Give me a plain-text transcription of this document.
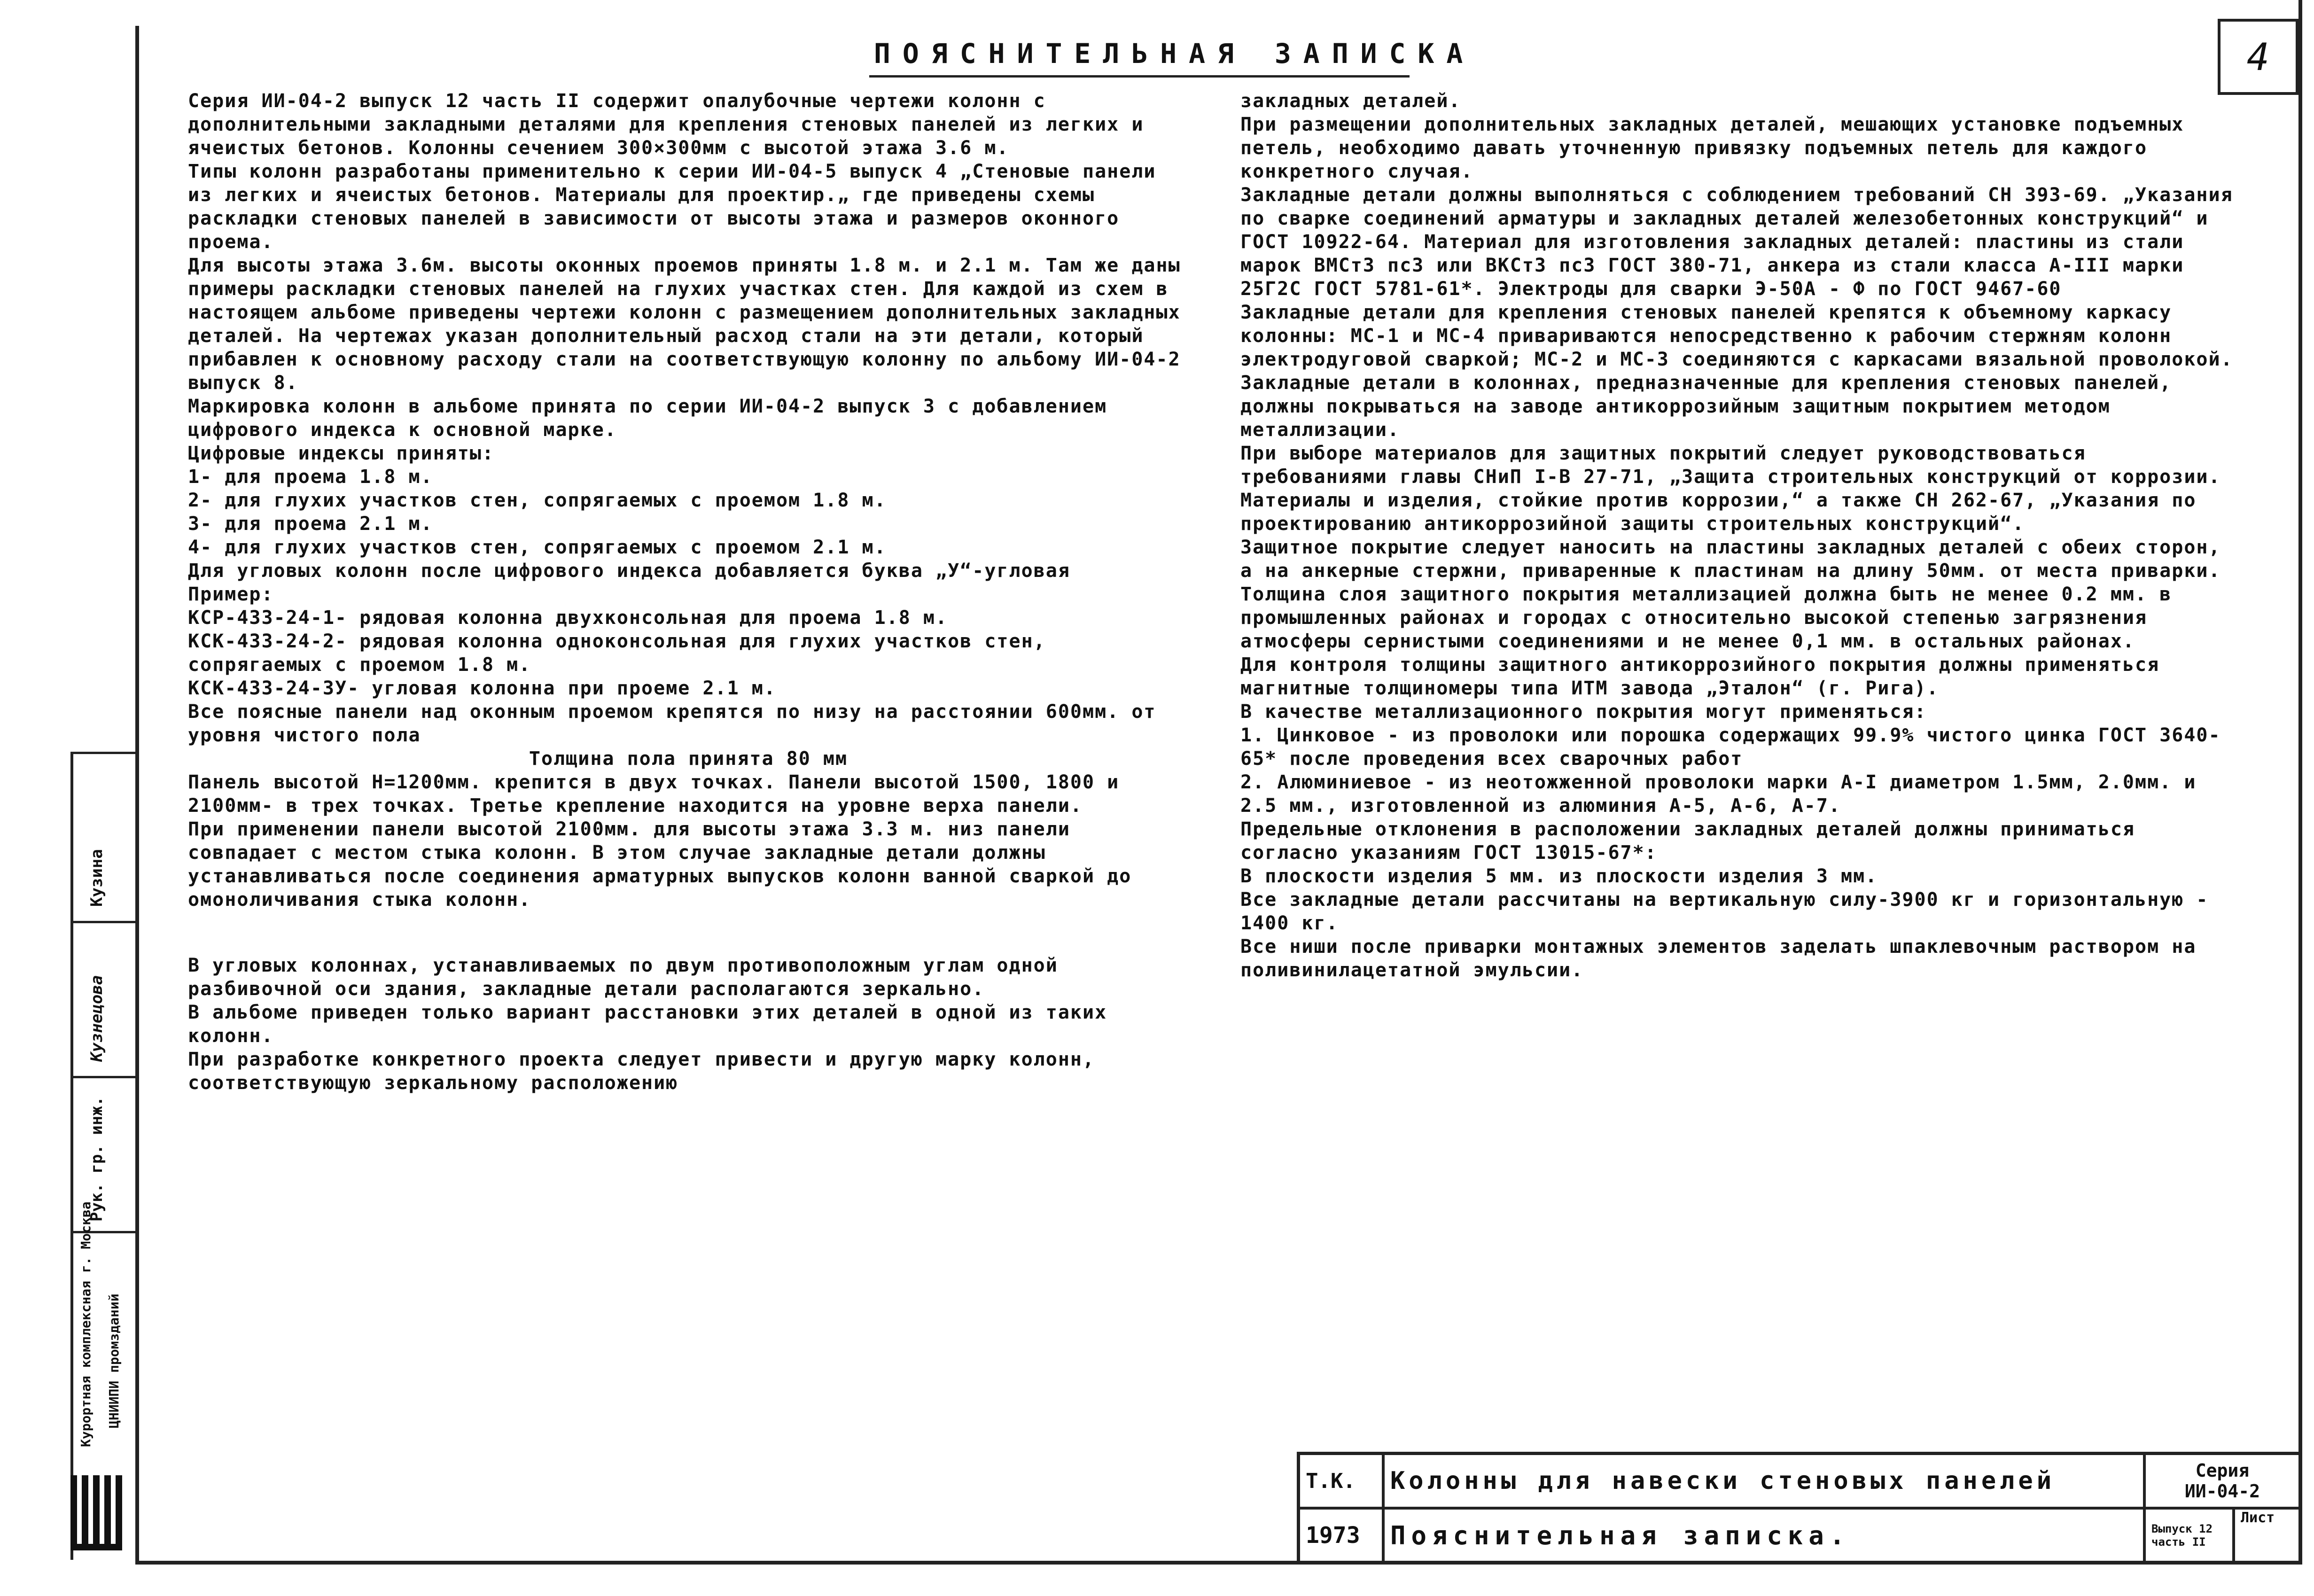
ПОЯСНИТЕЛЬНАЯ ЗАПИСКА	4

Серия ИИ-04-2 выпуск 12 часть II содержит опалубочные чертежи колонн с дополнительными закладными деталями для крепления стеновых панелей из легких и ячеистых бетонов. Колонны сечением 300×300мм с высотой этажа 3.6 м.

Типы колонн разработаны применительно к серии ИИ-04-5 выпуск 4 „Стеновые панели из легких и ячеистых бетонов. Материалы для проектир.„ где приведены схемы раскладки стеновых панелей в зависимости от высоты этажа и размеров оконного проема.

Для высоты этажа 3.6м. высоты оконных проемов приняты 1.8 м. и 2.1 м. Там же даны примеры раскладки стеновых панелей на глухих участках стен. Для каждой из схем в настоящем альбоме приведены чертежи колонн с размещением дополнительных закладных деталей. На чертежах указан дополнительный расход стали на эти детали, который прибавлен к основному расходу стали на соответствующую колонну по альбому ИИ-04-2 выпуск 8.

Маркировка колонн в альбоме принята по серии ИИ-04-2 выпуск 3 с добавлением цифрового индекса к основной марке.

Цифровые индексы приняты:

1- для проема 1.8 м.

2- для глухих участков стен, сопрягаемых с проемом 1.8 м.

3- для проема 2.1 м.

4- для глухих участков стен, сопрягаемых с проемом 2.1 м.

Для угловых колонн после цифрового индекса добавляется буква „У“-угловая

Пример:

КСР-433-24-1- рядовая колонна двухконсольная для проема 1.8 м.

КСК-433-24-2- рядовая колонна одноконсольная для глухих участков стен, сопрягаемых с проемом 1.8 м.

КСК-433-24-3У- угловая колонна при проеме 2.1 м.

Все поясные панели над оконным проемом крепятся по низу на расстоянии 600мм. от уровня чистого пола

Толщина пола принята 80 мм

Панель высотой Н=1200мм. крепится в двух точках. Панели высотой 1500, 1800 и 2100мм- в трех точках. Третье крепление находится на уровне верха панели.

При применении панели высотой 2100мм. для высоты этажа 3.3 м. низ панели совпадает с местом стыка колонн. В этом случае закладные детали должны устанавливаться после соединения арматурных выпусков колонн ванной сваркой до омоноличивания стыка колонн.

В угловых колоннах, устанавливаемых по двум противоположным углам одной разбивочной оси здания, закладные детали располагаются зеркально.

В альбоме приведен только вариант расстановки этих деталей в одной из таких колонн.

При разработке конкретного проекта следует привести и другую марку колонн, соответствующую зеркальному расположению

закладных деталей.

При размещении дополнительных закладных деталей, мешающих установке подъемных петель, необходимо давать уточненную привязку подъемных петель для каждого конкретного случая.

Закладные детали должны выполняться с соблюдением требований СН 393-69. „Указания по сварке соединений арматуры и закладных деталей железобетонных конструкций“ и ГОСТ 10922-64. Материал для изготовления закладных деталей: пластины из стали марок ВМСт3 пс3 или ВКСт3 пс3 ГОСТ 380-71, анкера из стали класса А-III марки 25Г2С ГОСТ 5781-61*. Электроды для сварки Э-50А - Ф по ГОСТ 9467-60

Закладные детали для крепления стеновых панелей крепятся к объемному каркасу колонны: МС-1 и МС-4 привариваются непосредственно к рабочим стержням колонн электродуговой сваркой; МС-2 и МС-3 соединяются с каркасами вязальной проволокой.

Закладные детали в колоннах, предназначенные для крепления стеновых панелей, должны покрываться на заводе антикоррозийным защитным покрытием методом металлизации.

При выборе материалов для защитных покрытий следует руководствоваться требованиями главы СНиП I-В 27-71, „Защита строительных конструкций от коррозии. Материалы и изделия, стойкие против коррозии,“ а также СН 262-67, „Указания по проектированию антикоррозийной защиты строительных конструкций“.

Защитное покрытие следует наносить на пластины закладных деталей с обеих сторон, а на анкерные стержни, приваренные к пластинам на длину 50мм. от места приварки.

Толщина слоя защитного покрытия металлизацией должна быть не менее 0.2 мм. в промышленных районах и городах с относительно высокой степенью загрязнения атмосферы сернистыми соединениями и не менее 0,1 мм. в остальных районах.

Для контроля толщины защитного антикоррозийного покрытия должны применяться магнитные толщиномеры типа ИТМ завода „Эталон“ (г. Рига).

В качестве металлизационного покрытия могут применяться:

1. Цинковое - из проволоки или порошка содержащих 99.9% чистого цинка ГОСТ 3640-65* после проведения всех сварочных работ

2. Алюминиевое - из неотожженной проволоки марки А-I диаметром 1.5мм, 2.0мм. и 2.5 мм., изготовленной из алюминия А-5, А-6, А-7.

Предельные отклонения в расположении закладных деталей должны приниматься согласно указаниям ГОСТ 13015-67*:

В плоскости изделия 5 мм. из плоскости изделия 3 мм.

Все закладные детали рассчитаны на вертикальную силу-3900 кг и горизонтальную - 1400 кг.

Все ниши после приварки монтажных элементов заделать шпаклевочным раствором на поливинилацетатной эмульсии.

Т.К.	Колонны для навески стеновых панелей	Серия
ИИ-04-2
1973	Пояснительная записка.	Выпуск 12 часть II
Лист
Кузина
Кузнецова
Рук. гр. инж.
Курортная комплексная г. Москва ЦНИИПИ промзданий
